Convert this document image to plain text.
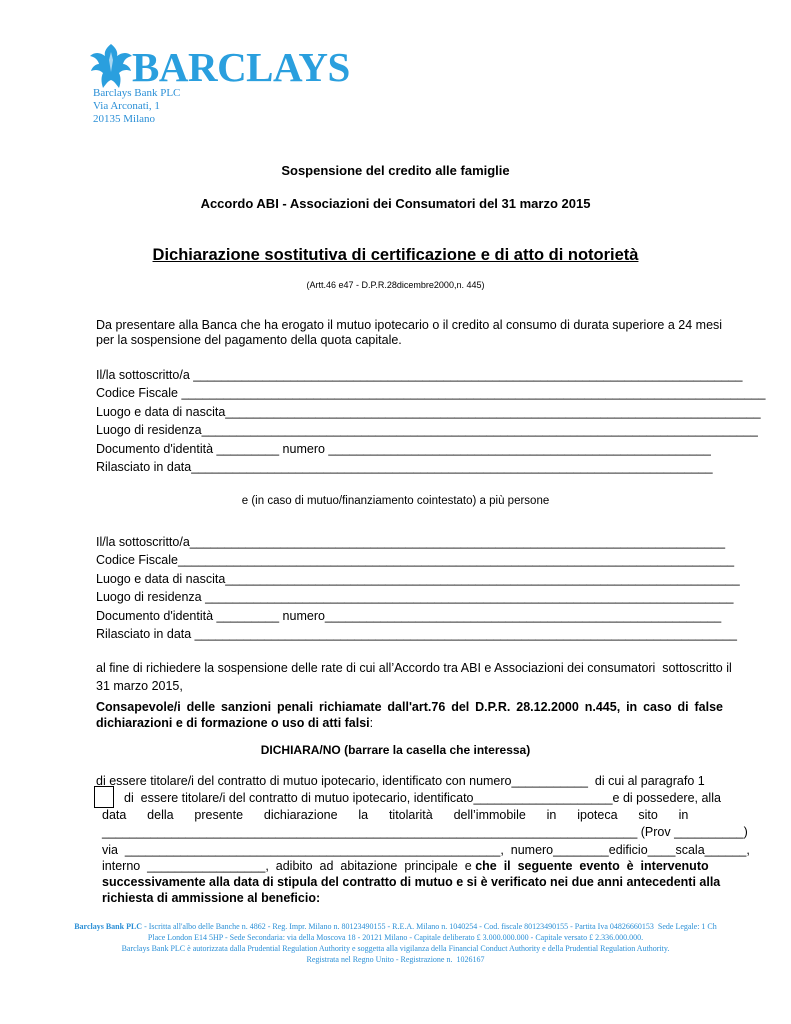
BARCLAYS

Barclays Bank PLC
Via Arconati, 1
20135 Milano
Sospensione del credito alle famiglie
Accordo ABI - Associazioni dei Consumatori del 31 marzo 2015
Dichiarazione sostitutiva di certificazione e di atto di notorietà
(Artt.46 e47 - D.P.R.28dicembre2000,n. 445)
Da presentare alla Banca che ha erogato il mutuo ipotecario o il credito al consumo di durata superiore a 24 mesi
per la sospensione del pagamento della quota capitale.
Il/la sottoscritto/a _______________________________________________________________________________
Codice Fiscale ____________________________________________________________________________________
Luogo e data di nascita_____________________________________________________________________________
Luogo di residenza________________________________________________________________________________
Documento d'identità _________ numero _______________________________________________________
Rilasciato in data___________________________________________________________________________
e (in caso di mutuo/finanziamento cointestato) a più persone
Il/la sottoscritto/a_____________________________________________________________________________
Codice Fiscale________________________________________________________________________________
Luogo e data di nascita__________________________________________________________________________
Luogo di residenza ____________________________________________________________________________
Documento d'identità _________ numero_________________________________________________________
Rilasciato in data ______________________________________________________________________________
al fine di richiedere la sospensione delle rate di cui all’Accordo tra ABI e Associazioni dei consumatori  sottoscritto il
31 marzo 2015,
Consapevole/i delle sanzioni penali richiamate dall'art.76 del D.P.R. 28.12.2000 n.445, in caso di false
dichiarazioni e di formazione o uso di atti falsi:
DICHIARA/NO (barrare la casella che interessa)
di essere titolare/i del contratto di mutuo ipotecario, identificato con numero___________  di cui al paragrafo 1
di  essere titolare/i del contratto di mutuo ipotecario, identificato____________________e di possedere, alla
data      della      presente      dichiarazione      la      titolarità      dell’immobile      in      ipoteca      sito      in
_____________________________________________________________________________ (Prov __________)
via  ______________________________________________________,  numero________edificio____scala______,
interno  _________________,  adibito  ad  abitazione  principale  e che  il  seguente  evento  è  intervenuto
successivamente alla data di stipula del contratto di mutuo e si è verificato nei due anni antecedenti alla
richiesta di ammissione al beneficio:
Barclays Bank PLC - Iscritta all'albo delle Banche n. 4862 - Reg. Impr. Milano n. 80123490155 - R.E.A. Milano n. 1040254 - Cod. fiscale 80123490155 - Partita Iva 04826660153  Sede Legale: 1 Ch
Place London E14 5HP - Sede Secondaria: via della Moscova 18 - 20121 Milano - Capitale deliberato £ 3.000.000.000 - Capitale versato £ 2.336.000.000.
Barclays Bank PLC è autorizzata dalla Prudential Regulation Authority e soggetta alla vigilanza della Financial Conduct Authority e della Prudential Regulation Authority.
Registrata nel Regno Unito - Registrazione n.  1026167
